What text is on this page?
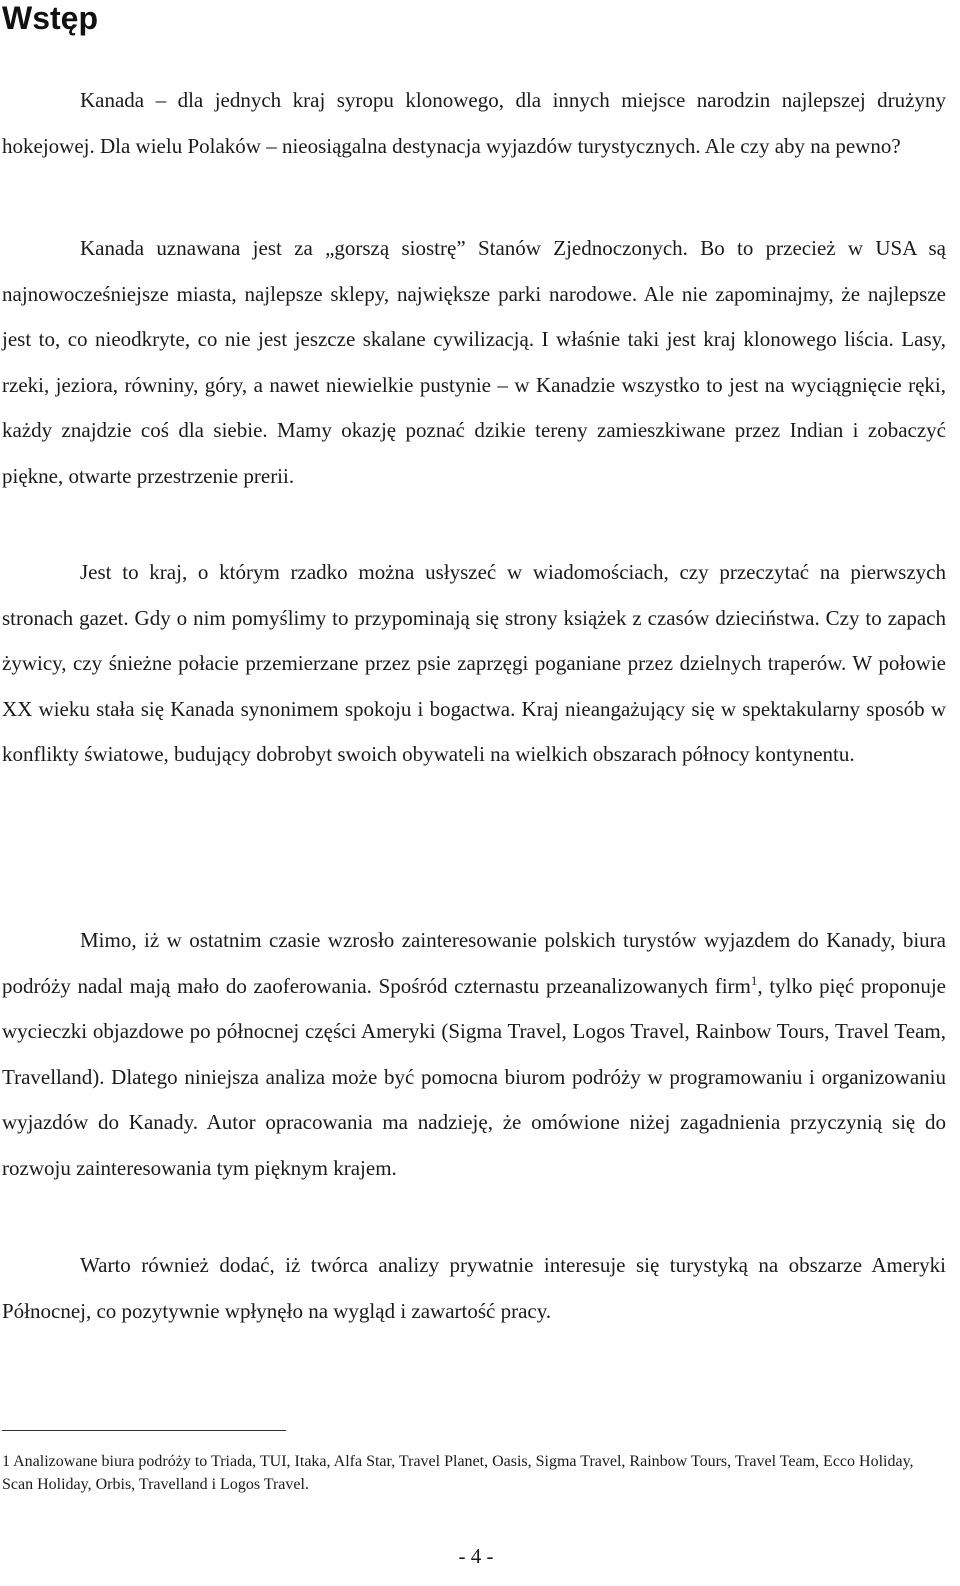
Wstęp

Kanada – dla jednych kraj syropu klonowego, dla innych miejsce narodzin najlepszej drużyny hokejowej. Dla wielu Polaków – nieosiągalna destynacja wyjazdów turystycznych. Ale czy aby na pewno?

Kanada uznawana jest za „gorszą siostrę” Stanów Zjednoczonych. Bo to przecież w USA są najnowocześniejsze miasta, najlepsze sklepy, największe parki narodowe. Ale nie zapominajmy, że najlepsze jest to, co nieodkryte, co nie jest jeszcze skalane cywilizacją. I właśnie taki jest kraj klonowego liścia. Lasy, rzeki, jeziora, równiny, góry, a nawet niewielkie pustynie – w Kanadzie wszystko to jest na wyciągnięcie ręki, każdy znajdzie coś dla siebie. Mamy okazję poznać dzikie tereny zamieszkiwane przez Indian i zobaczyć piękne, otwarte przestrzenie prerii.

Jest to kraj, o którym rzadko można usłyszeć w wiadomościach, czy przeczytać na pierwszych stronach gazet. Gdy o nim pomyślimy to przypominają się strony książek z czasów dzieciństwa. Czy to zapach żywicy, czy śnieżne połacie przemierzane przez psie zaprzęgi poganiane przez dzielnych traperów. W połowie XX wieku stała się Kanada synonimem spokoju i bogactwa. Kraj nieangażujący się w spektakularny sposób w konflikty światowe, budujący dobrobyt swoich obywateli na wielkich obszarach północy kontynentu.

Mimo, iż w ostatnim czasie wzrosło zainteresowanie polskich turystów wyjazdem do Kanady, biura podróży nadal mają mało do zaoferowania. Spośród czternastu przeanalizowanych firm$^1$, tylko pięć proponuje wycieczki objazdowe po północnej części Ameryki (Sigma Travel, Logos Travel, Rainbow Tours, Travel Team, Travelland). Dlatego niniejsza analiza może być pomocna biurom podróży w programowaniu i organizowaniu wyjazdów do Kanady. Autor opracowania ma nadzieję, że omówione niżej zagadnienia przyczynią się do rozwoju zainteresowania tym pięknym krajem.

Warto również dodać, iż twórca analizy prywatnie interesuje się turystyką na obszarze Ameryki Północnej, co pozytywnie wpłynęło na wygląd i zawartość pracy.

1 Analizowane biura podróży to Triada, TUI, Itaka, Alfa Star, Travel Planet, Oasis, Sigma Travel, Rainbow Tours, Travel Team, Ecco Holiday, Scan Holiday, Orbis, Travelland i Logos Travel.

- 4 -
